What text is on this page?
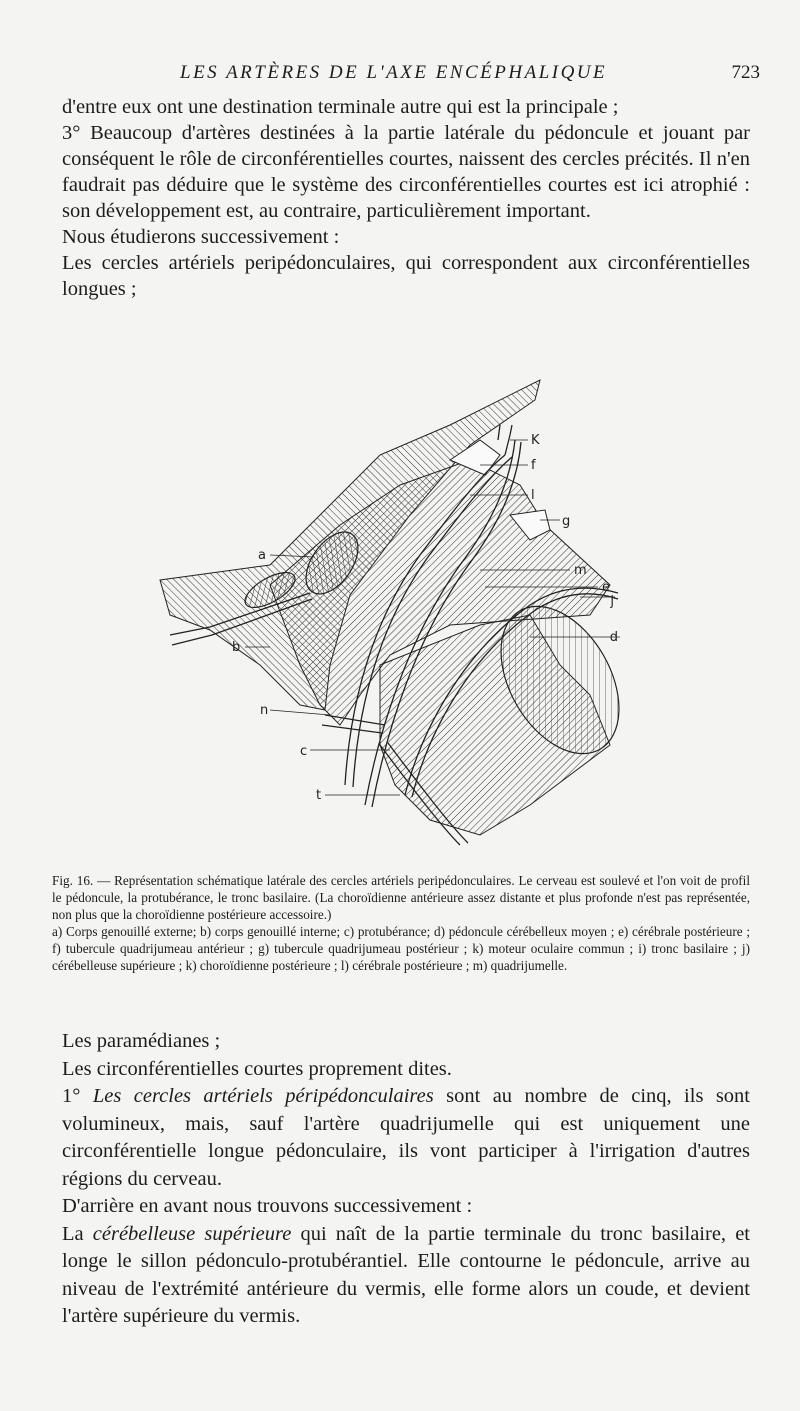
LES ARTÈRES DE L'AXE ENCÉPHALIQUE	723

d'entre eux ont une destination terminale autre qui est la principale ;

3° Beaucoup d'artères destinées à la partie latérale du pédoncule et jouant par conséquent le rôle de circonférentielles courtes, naissent des cercles précités. Il n'en faudrait pas déduire que le système des circonférentielles courtes est ici atrophié : son développement est, au contraire, particulièrement important.

Nous étudierons successivement :

Les cercles artériels peripédonculaires, qui correspondent aux circonférentielles longues ;

a
b
c
d
e
f
g
j
K
l
m
n
t

Fig. 16. — Représentation schématique latérale des cercles artériels peripédonculaires. Le cerveau est soulevé et l'on voit de profil le pédoncule, la protubérance, le tronc basilaire. (La choroïdienne antérieure assez distante et plus profonde n'est pas représentée, non plus que la choroïdienne postérieure accessoire.)

a) Corps genouillé externe; b) corps genouillé interne; c) protubérance; d) pédoncule cérébelleux moyen ; e) cérébrale postérieure ; f) tubercule quadrijumeau antérieur ; g) tubercule quadrijumeau postérieur ; k) moteur oculaire commun ; i) tronc basilaire ; j) cérébelleuse supérieure ; k) choroïdienne postérieure ; l) cérébrale postérieure ; m) quadrijumelle.

Les paramédianes ;

Les circonférentielles courtes proprement dites.

1° Les cercles artériels péripédonculaires sont au nombre de cinq, ils sont volumineux, mais, sauf l'artère quadrijumelle qui est uniquement une circonférentielle longue pédonculaire, ils vont participer à l'irrigation d'autres régions du cerveau.

D'arrière en avant nous trouvons successivement :

La cérébelleuse supérieure qui naît de la partie terminale du tronc basilaire, et longe le sillon pédonculo-protubérantiel. Elle contourne le pédoncule, arrive au niveau de l'extrémité antérieure du vermis, elle forme alors un coude, et devient l'artère supérieure du vermis.
